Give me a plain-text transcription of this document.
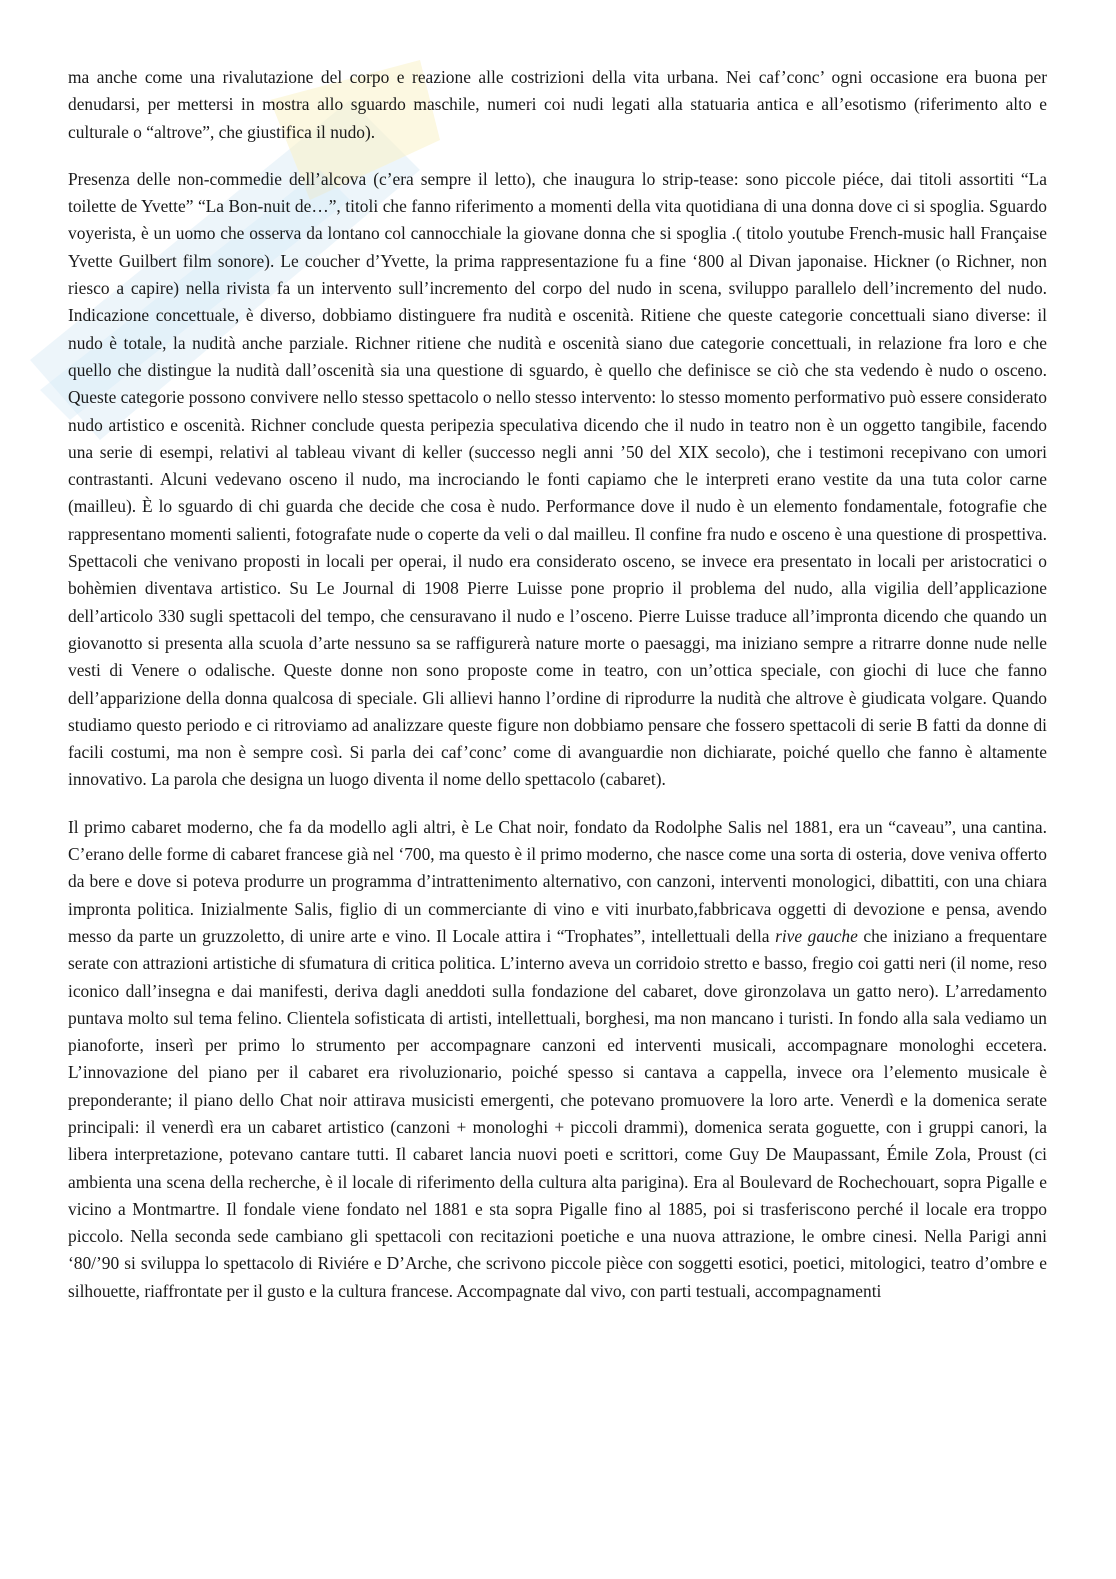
ma anche come una rivalutazione del corpo e reazione alle costrizioni della vita urbana. Nei caf’conc’ ogni occasione era buona per denudarsi, per mettersi in mostra allo sguardo maschile, numeri coi nudi legati alla statuaria antica e all’esotismo (riferimento alto e culturale o “altrove”, che giustifica il nudo).

Presenza delle non-commedie dell’alcova (c’era sempre il letto), che inaugura lo strip-tease: sono piccole piéce, dai titoli assortiti “La toilette de Yvette” “La Bon-nuit de…”, titoli che fanno riferimento a momenti della vita quotidiana di una donna dove ci si spoglia. Sguardo voyerista, è un uomo che osserva da lontano col cannocchiale la giovane donna che si spoglia .( titolo youtube French-music hall Française Yvette Guilbert film sonore). Le coucher d’Yvette, la prima rappresentazione fu a fine ‘800 al Divan japonaise. Hickner (o Richner, non riesco a capire) nella rivista fa un intervento sull’incremento del corpo del nudo in scena, sviluppo parallelo dell’incremento del nudo. Indicazione concettuale, è diverso, dobbiamo distinguere fra nudità e oscenità. Ritiene che queste categorie concettuali siano diverse: il nudo è totale, la nudità anche parziale. Richner ritiene che nudità e oscenità siano due categorie concettuali, in relazione fra loro e che quello che distingue la nudità dall’oscenità sia una questione di sguardo, è quello che definisce se ciò che sta vedendo è nudo o osceno. Queste categorie possono convivere nello stesso spettacolo o nello stesso intervento: lo stesso momento performativo può essere considerato nudo artistico e oscenità. Richner conclude questa peripezia speculativa dicendo che il nudo in teatro non è un oggetto tangibile, facendo una serie di esempi, relativi al tableau vivant di keller (successo negli anni ’50 del XIX secolo), che i testimoni recepivano con umori contrastanti. Alcuni vedevano osceno il nudo, ma incrociando le fonti capiamo che le interpreti erano vestite da una tuta color carne (mailleu). È lo sguardo di chi guarda che decide che cosa è nudo. Performance dove il nudo è un elemento fondamentale, fotografie che rappresentano momenti salienti, fotografate nude o coperte da veli o dal mailleu. Il confine fra nudo e osceno è una questione di prospettiva. Spettacoli che venivano proposti in locali per operai, il nudo era considerato osceno, se invece era presentato in locali per aristocratici o bohèmien diventava artistico. Su Le Journal di 1908 Pierre Luisse pone proprio il problema del nudo, alla vigilia dell’applicazione dell’articolo 330 sugli spettacoli del tempo, che censuravano il nudo e l’osceno. Pierre Luisse traduce all’impronta dicendo che quando un giovanotto si presenta alla scuola d’arte nessuno sa se raffigurerà nature morte o paesaggi, ma iniziano sempre a ritrarre donne nude nelle vesti di Venere o odalische. Queste donne non sono proposte come in teatro, con un’ottica speciale, con giochi di luce che fanno dell’apparizione della donna qualcosa di speciale. Gli allievi hanno l’ordine di riprodurre la nudità che altrove è giudicata volgare. Quando studiamo questo periodo e ci ritroviamo ad analizzare queste figure non dobbiamo pensare che fossero spettacoli di serie B fatti da donne di facili costumi, ma non è sempre così. Si parla dei caf’conc’ come di avanguardie non dichiarate, poiché quello che fanno è altamente innovativo. La parola che designa un luogo diventa il nome dello spettacolo (cabaret).

Il primo cabaret moderno, che fa da modello agli altri, è Le Chat noir, fondato da Rodolphe Salis nel 1881, era un “caveau”, una cantina. C’erano delle forme di cabaret francese già nel ‘700, ma questo è il primo moderno, che nasce come una sorta di osteria, dove veniva offerto da bere e dove si poteva produrre un programma d’intrattenimento alternativo, con canzoni, interventi monologici, dibattiti, con una chiara impronta politica. Inizialmente Salis, figlio di un commerciante di vino e viti inurbato,fabbricava oggetti di devozione e pensa, avendo messo da parte un gruzzoletto, di unire arte e vino. Il Locale attira i “Trophates”, intellettuali della rive gauche che iniziano a frequentare serate con attrazioni artistiche di sfumatura di critica politica. L’interno aveva un corridoio stretto e basso, fregio coi gatti neri (il nome, reso iconico dall’insegna e dai manifesti, deriva dagli aneddoti sulla fondazione del cabaret, dove gironzolava un gatto nero). L’arredamento puntava molto sul tema felino. Clientela sofisticata di artisti, intellettuali, borghesi, ma non mancano i turisti. In fondo alla sala vediamo un pianoforte, inserì per primo lo strumento per accompagnare canzoni ed interventi musicali, accompagnare monologhi eccetera. L’innovazione del piano per il cabaret era rivoluzionario, poiché spesso si cantava a cappella, invece ora l’elemento musicale è preponderante; il piano dello Chat noir attirava musicisti emergenti, che potevano promuovere la loro arte. Venerdì e la domenica serate principali: il venerdì era un cabaret artistico (canzoni + monologhi + piccoli drammi), domenica serata goguette, con i gruppi canori, la libera interpretazione, potevano cantare tutti. Il cabaret lancia nuovi poeti e scrittori, come Guy De Maupassant, Émile Zola, Proust (ci ambienta una scena della recherche, è il locale di riferimento della cultura alta parigina). Era al Boulevard de Rochechouart, sopra Pigalle e vicino a Montmartre. Il fondale viene fondato nel 1881 e sta sopra Pigalle fino al 1885, poi si trasferiscono perché il locale era troppo piccolo. Nella seconda sede cambiano gli spettacoli con recitazioni poetiche e una nuova attrazione, le ombre cinesi. Nella Parigi anni ‘80/’90 si sviluppa lo spettacolo di Riviére e D’Arche, che scrivono piccole pièce con soggetti esotici, poetici, mitologici, teatro d’ombre e silhouette, riaffrontate per il gusto e la cultura francese. Accompagnate dal vivo, con parti testuali, accompagnamenti
